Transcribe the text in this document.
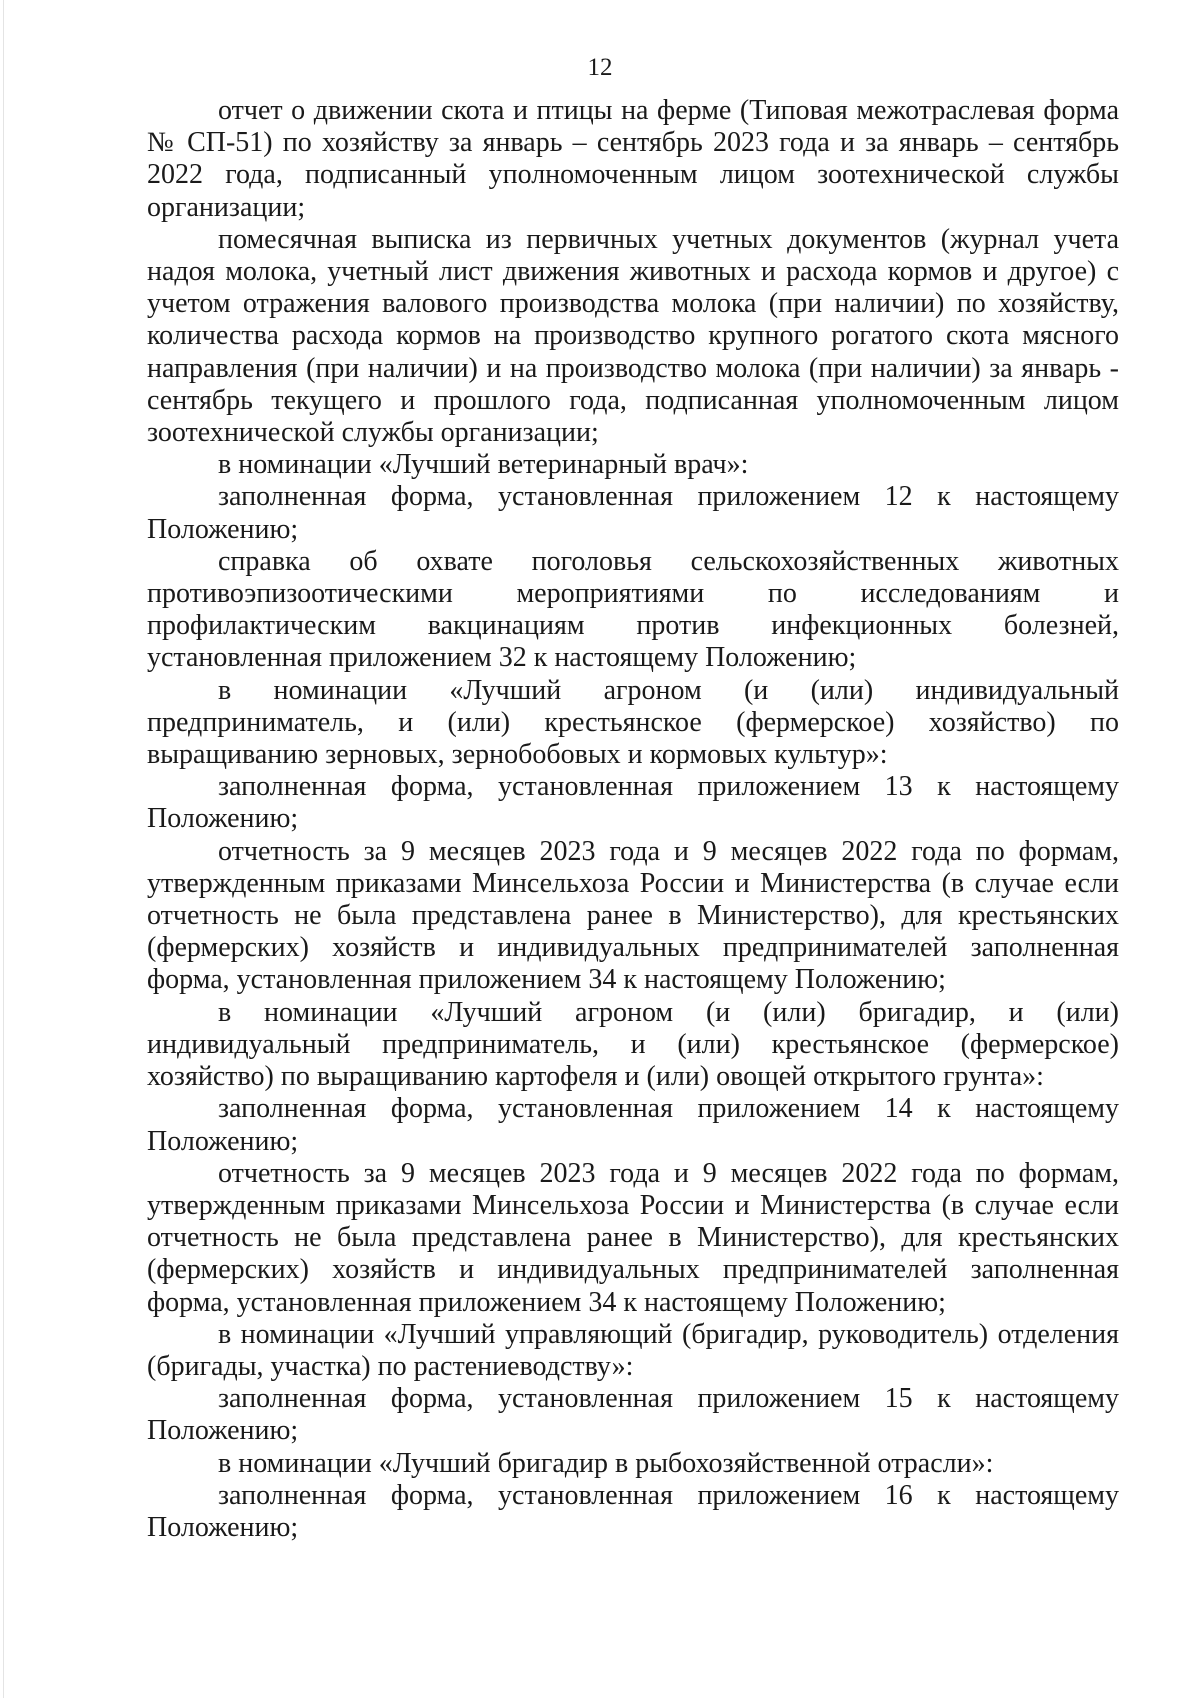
12

отчет о движении скота и птицы на ферме (Типовая межотраслевая форма № СП-51) по хозяйству за январь – сентябрь 2023 года и за январь – сентябрь 2022 года, подписанный уполномоченным лицом зоотехнической службы организации;

помесячная выписка из первичных учетных документов (журнал учета надоя молока, учетный лист движения животных и расхода кормов и другое) с учетом отражения валового производства молока (при наличии) по хозяйству, количества расхода кормов на производство крупного рогатого скота мясного направления (при наличии) и на производство молока (при наличии) за январь - сентябрь текущего и прошлого года, подписанная уполномоченным лицом зоотехнической службы организации;

в номинации «Лучший ветеринарный врач»:

заполненная форма, установленная приложением 12 к настоящему Положению;

справка об охвате поголовья сельскохозяйственных животных противоэпизоотическими мероприятиями по исследованиям и профилактическим вакцинациям против инфекционных болезней, установленная приложением 32 к настоящему Положению;

в номинации «Лучший агроном (и (или) индивидуальный предприниматель, и (или) крестьянское (фермерское) хозяйство) по выращиванию зерновых, зернобобовых и кормовых культур»:

заполненная форма, установленная приложением 13 к настоящему Положению;

отчетность за 9 месяцев 2023 года и 9 месяцев 2022 года по формам, утвержденным приказами Минсельхоза России и Министерства (в случае если отчетность не была представлена ранее в Министерство), для крестьянских (фермерских) хозяйств и индивидуальных предпринимателей заполненная форма, установленная приложением 34 к настоящему Положению;

в номинации «Лучший агроном (и (или) бригадир, и (или) индивидуальный предприниматель, и (или) крестьянское (фермерское) хозяйство) по выращиванию картофеля и (или) овощей открытого грунта»:

заполненная форма, установленная приложением 14 к настоящему Положению;

отчетность за 9 месяцев 2023 года и 9 месяцев 2022 года по формам, утвержденным приказами Минсельхоза России и Министерства (в случае если отчетность не была представлена ранее в Министерство), для крестьянских (фермерских) хозяйств и индивидуальных предпринимателей заполненная форма, установленная приложением 34 к настоящему Положению;

в номинации «Лучший управляющий (бригадир, руководитель) отделения (бригады, участка) по растениеводству»:

заполненная форма, установленная приложением 15 к настоящему Положению;

в номинации «Лучший бригадир в рыбохозяйственной отрасли»:

заполненная форма, установленная приложением 16 к настоящему Положению;
